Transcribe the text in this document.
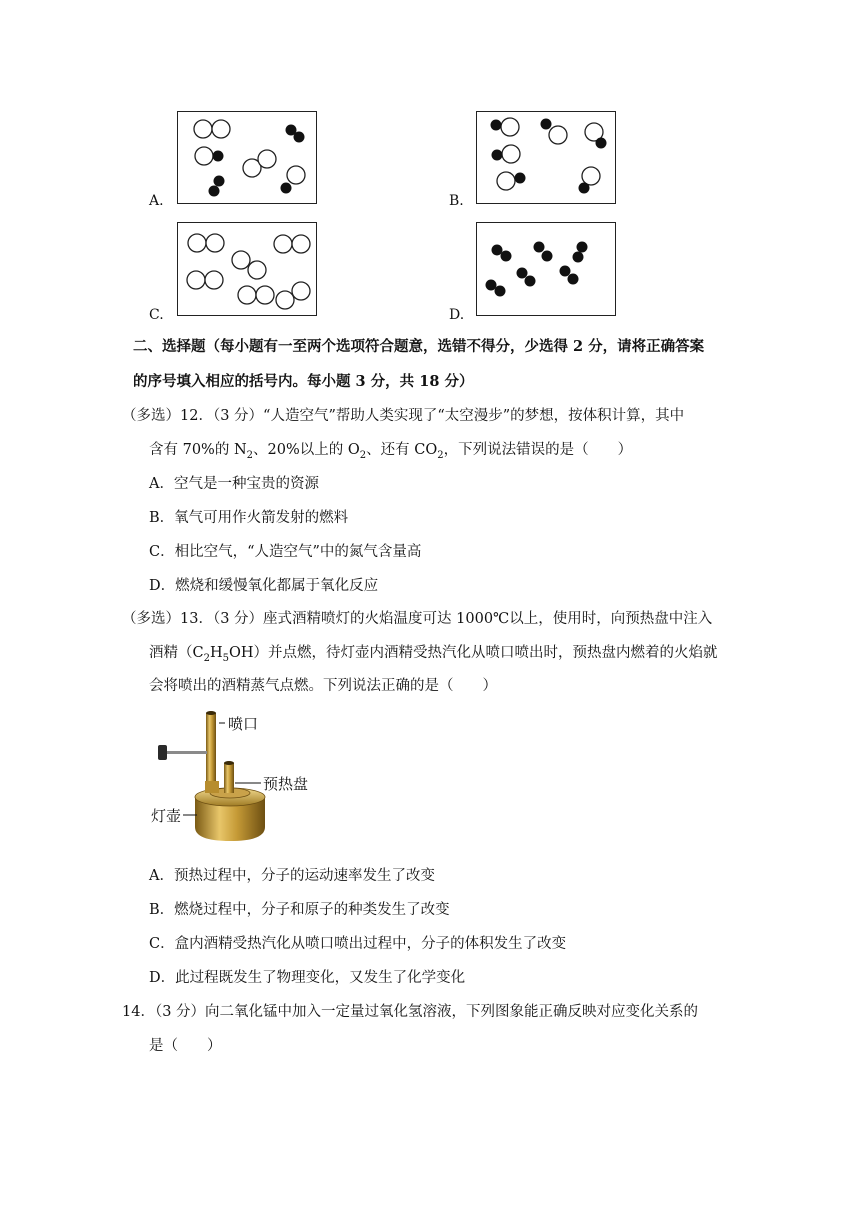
A.	B.
C.	D.
二、选择题（每小题有一至两个选项符合题意，选错不得分，少选得 2 分，请将正确答案
的序号填入相应的括号内。每小题 3 分，共 18 分）
（多选）12．（3 分）“人造空气”帮助人类实现了“太空漫步”的梦想，按体积计算，其中
含有 70%的 $N_2$、20%以上的 $O_2$、还有 $CO_2$，下列说法错误的是（　　）
A．空气是一种宝贵的资源
B．氧气可用作火箭发射的燃料
C．相比空气，“人造空气”中的氮气含量高
D．燃烧和缓慢氧化都属于氧化反应
（多选）13．（3 分）座式酒精喷灯的火焰温度可达 1000℃以上，使用时，向预热盘中注入
酒精$(C_2H_5OH)$并点燃，待灯壶内酒精受热汽化从喷口喷出时，预热盘内燃着的火焰就
会将喷出的酒精蒸气点燃。下列说法正确的是（　　）
喷口
预热盘
灯壶
A．预热过程中，分子的运动速率发生了改变
B．燃烧过程中，分子和原子的种类发生了改变
C．盒内酒精受热汽化从喷口喷出过程中，分子的体积发生了改变
D．此过程既发生了物理变化，又发生了化学变化
14．（3 分）向二氧化锰中加入一定量过氧化氢溶液，下列图象能正确反映对应变化关系的
是（　　）
